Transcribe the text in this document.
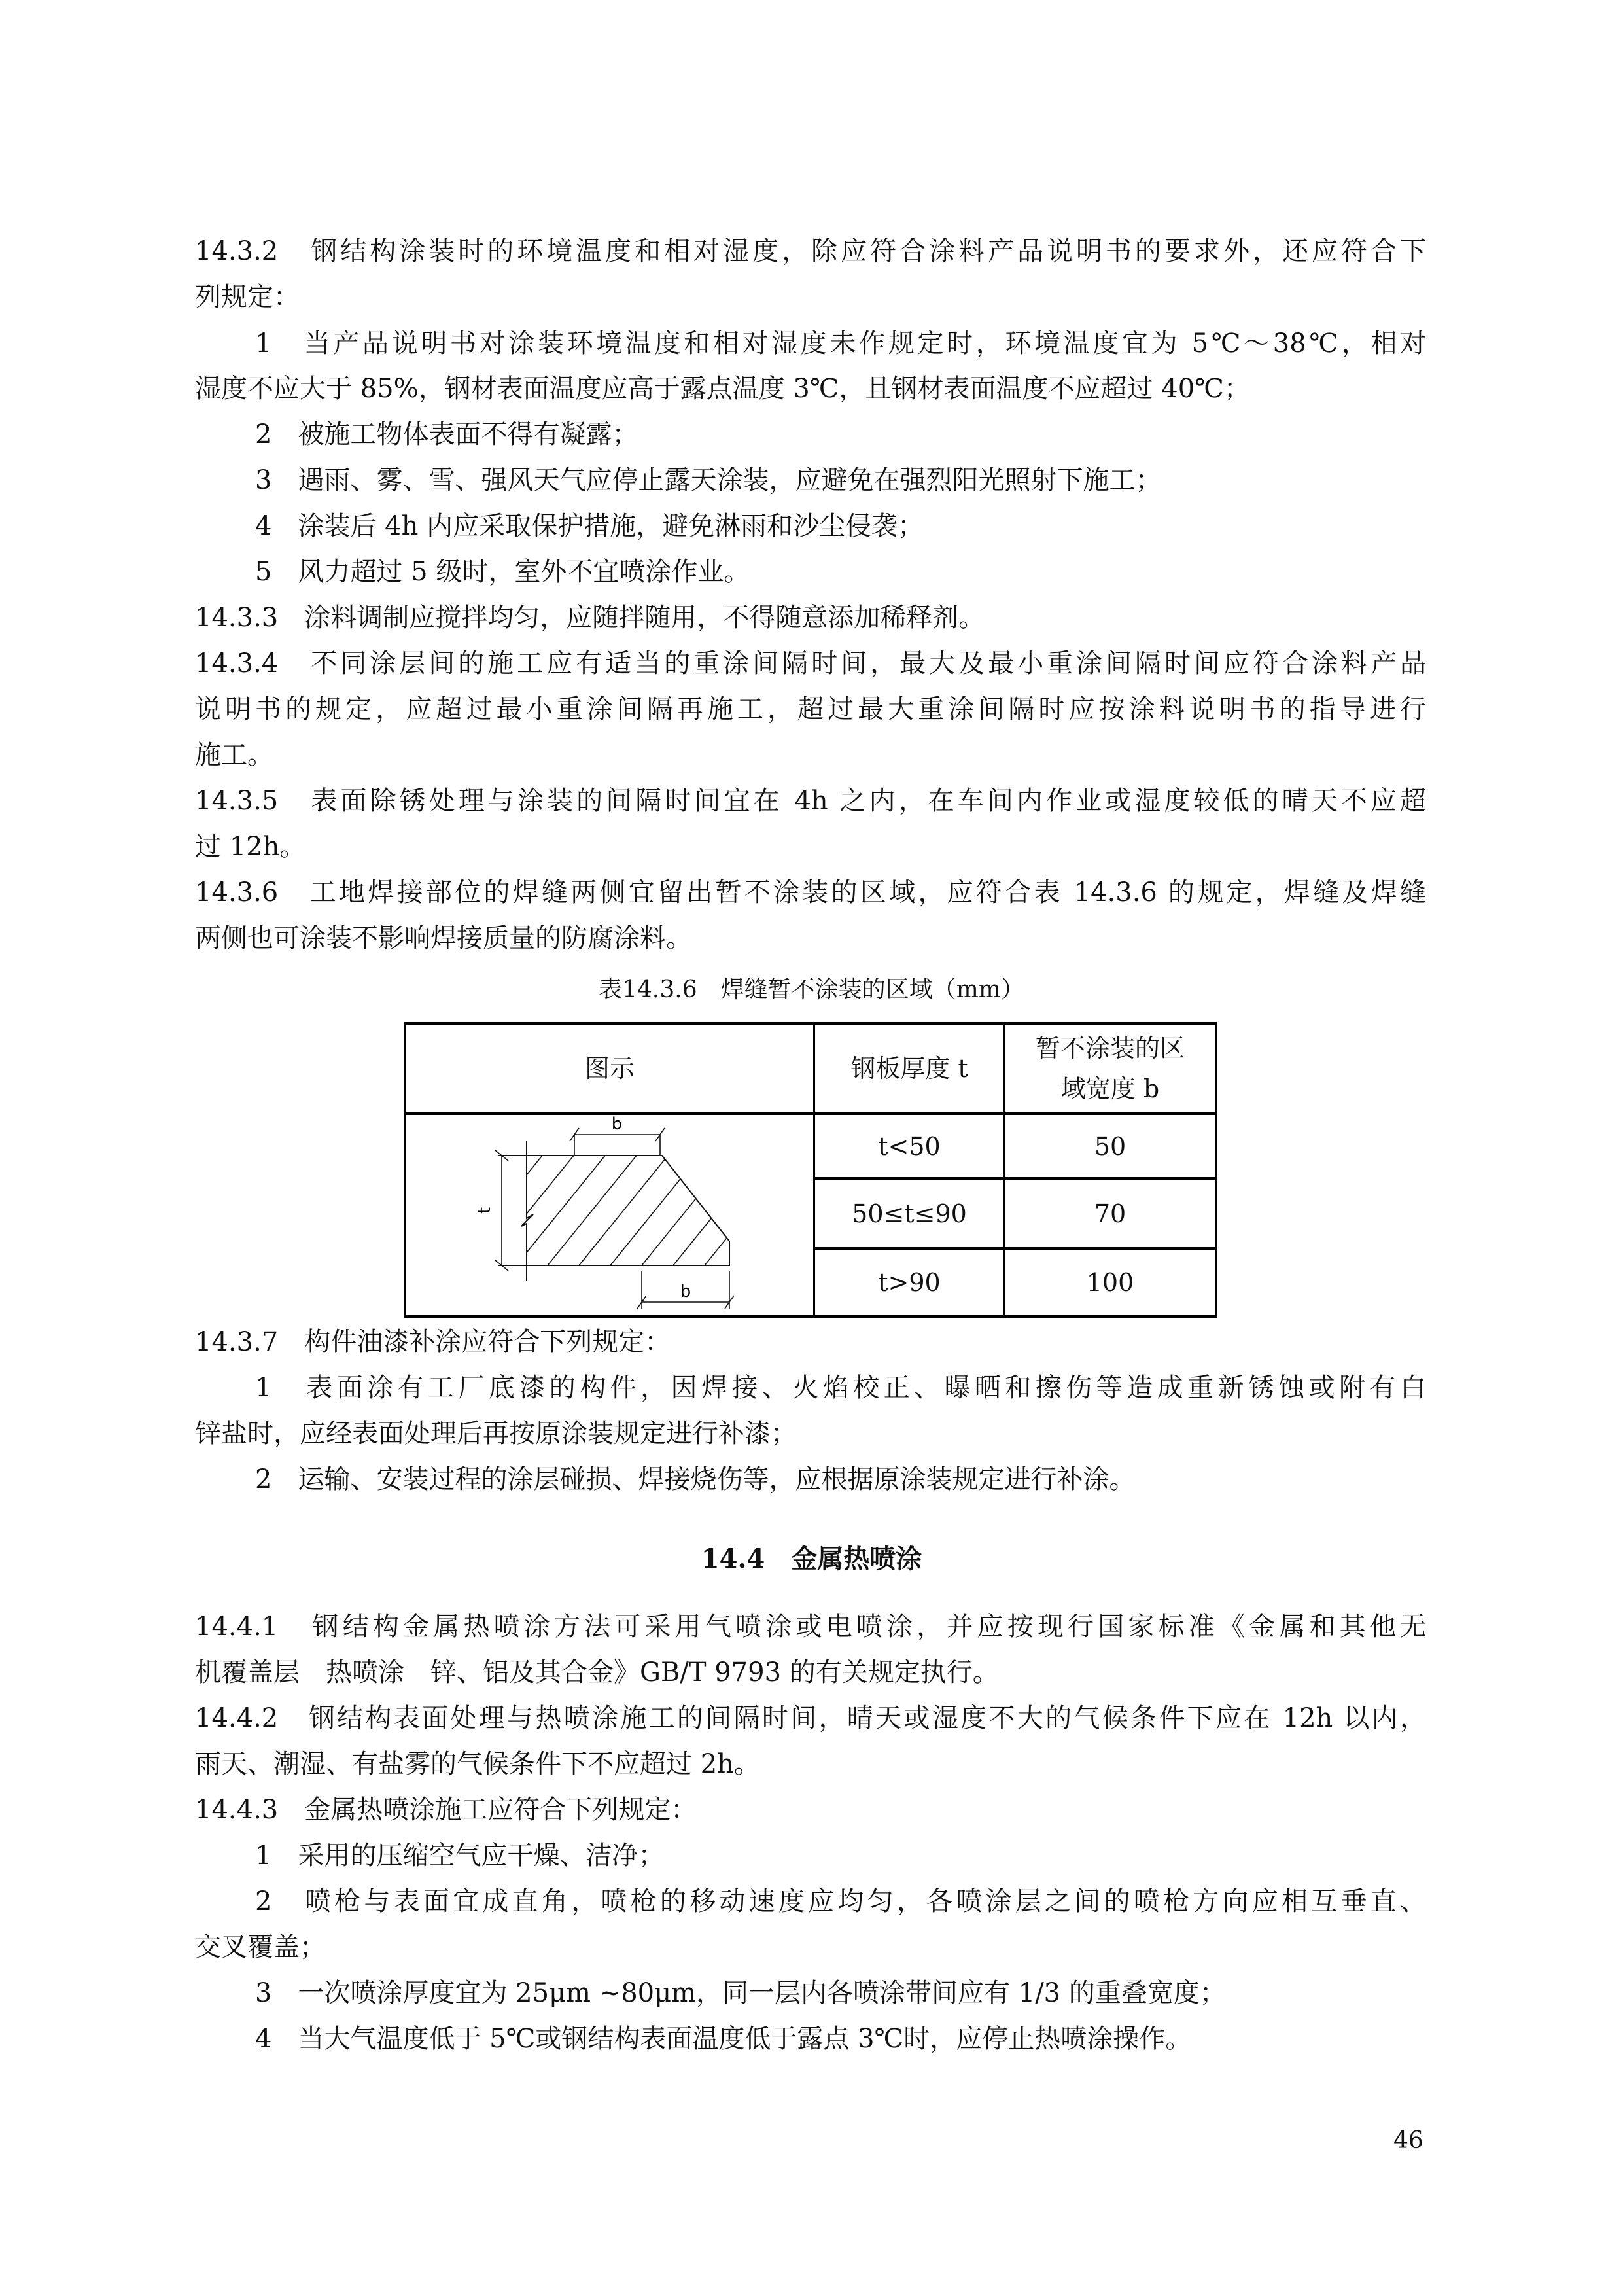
14.3.2　钢结构涂装时的环境温度和相对湿度，除应符合涂料产品说明书的要求外，还应符合下
列规定：
1　当产品说明书对涂装环境温度和相对湿度未作规定时，环境温度宜为 5℃～38℃，相对
湿度不应大于 85%，钢材表面温度应高于露点温度 3℃，且钢材表面温度不应超过 40℃；
2　被施工物体表面不得有凝露；
3　遇雨、雾、雪、强风天气应停止露天涂装，应避免在强烈阳光照射下施工；
4　涂装后 4h 内应采取保护措施，避免淋雨和沙尘侵袭；
5　风力超过 5 级时，室外不宜喷涂作业。
14.3.3　涂料调制应搅拌均匀，应随拌随用，不得随意添加稀释剂。
14.3.4　不同涂层间的施工应有适当的重涂间隔时间，最大及最小重涂间隔时间应符合涂料产品
说明书的规定，应超过最小重涂间隔再施工，超过最大重涂间隔时应按涂料说明书的指导进行
施工。
14.3.5　表面除锈处理与涂装的间隔时间宜在 4h 之内，在车间内作业或湿度较低的晴天不应超
过 12h。
14.3.6　工地焊接部位的焊缝两侧宜留出暂不涂装的区域，应符合表 14.3.6 的规定，焊缝及焊缝
两侧也可涂装不影响焊接质量的防腐涂料。
表14.3.6　焊缝暂不涂装的区域（mm）
图示	钢板厚度 t
暂不涂装的区
域宽度 b
t<50	50
50≤t≤90	70
t>90	100
t
b
b
14.3.7　构件油漆补涂应符合下列规定：
1　表面涂有工厂底漆的构件，因焊接、火焰校正、曝晒和擦伤等造成重新锈蚀或附有白
锌盐时，应经表面处理后再按原涂装规定进行补漆；
2　运输、安装过程的涂层碰损、焊接烧伤等，应根据原涂装规定进行补涂。
14.4　金属热喷涂
14.4.1　钢结构金属热喷涂方法可采用气喷涂或电喷涂，并应按现行国家标准《金属和其他无
机覆盖层　热喷涂　锌、铝及其合金》GB/T 9793 的有关规定执行。
14.4.2　钢结构表面处理与热喷涂施工的间隔时间，晴天或湿度不大的气候条件下应在 12h 以内，
雨天、潮湿、有盐雾的气候条件下不应超过 2h。
14.4.3　金属热喷涂施工应符合下列规定：
1　采用的压缩空气应干燥、洁净；
2　喷枪与表面宜成直角，喷枪的移动速度应均匀，各喷涂层之间的喷枪方向应相互垂直、
交叉覆盖；
3　一次喷涂厚度宜为 25μm ~80μm，同一层内各喷涂带间应有 1/3 的重叠宽度；
4　当大气温度低于 5℃或钢结构表面温度低于露点 3℃时，应停止热喷涂操作。
46
